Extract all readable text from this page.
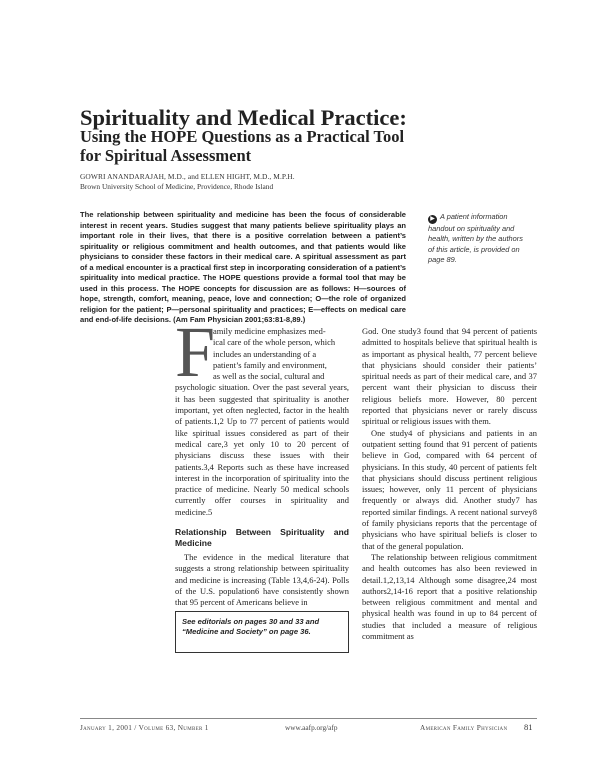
Spirituality and Medical Practice:
Using the HOPE Questions as a Practical Tool
for Spiritual Assessment
GOWRI ANANDARAJAH, M.D., and ELLEN HIGHT, M.D., M.P.H.
Brown University School of Medicine, Providence, Rhode Island
The relationship between spirituality and medicine has been the focus of considerable interest in recent years. Studies suggest that many patients believe spirituality plays an important role in their lives, that there is a positive correlation between a patient’s spirituality or religious commitment and health outcomes, and that patients would like physicians to consider these factors in their medical care. A spiritual assessment as part of a medical encounter is a practical first step in incorporating consideration of a patient’s spirituality into medical practice. The HOPE questions provide a formal tool that may be used in this process. The HOPE concepts for discussion are as follows: H—sources of hope, strength, comfort, meaning, peace, love and connection; O—the role of organized religion for the patient; P—personal spirituality and practices; E—effects on medical care and end-of-life decisions. (Am Fam Physician 2001;63:81-8,89.)
▶ A patient information handout on spirituality and health, written by the authors of this article, is provided on page 89.
F
amily medicine emphasizes med-
ical care of the whole person, which
includes an understanding of a
patient’s family and environment,
as well as the social, cultural and

psychologic situation. Over the past several years, it has been suggested that spirituality is another important, yet often neglected, factor in the health of patients.1,2 Up to 77 percent of patients would like spiritual issues considered as part of their medical care,3 yet only 10 to 20 percent of physicians discuss these issues with their patients.3,4 Reports such as these have increased interest in the incorporation of spirituality into the practice of medicine. Nearly 50 medical schools currently offer courses in spirituality and medicine.5

Relationship Between Spirituality and Medicine

The evidence in the medical literature that suggests a strong relationship between spirituality and medicine is increasing (Table 13,4,6-24). Polls of the U.S. population6 have consistently shown that 95 percent of Americans believe in

See editorials on pages 30 and 33 and “Medicine and Society” on page 36.

God. One study3 found that 94 percent of patients admitted to hospitals believe that spiritual health is as important as physical health, 77 percent believe that physicians should consider their patients’ spiritual needs as part of their medical care, and 37 percent want their physician to discuss their religious beliefs more. However, 80 percent reported that physicians never or rarely discuss spiritual or religious issues with them.

One study4 of physicians and patients in an outpatient setting found that 91 percent of patients believe in God, compared with 64 percent of physicians. In this study, 40 percent of patients felt that physicians should discuss pertinent religious issues; however, only 11 percent of physicians frequently or always did. Another study7 has reported similar findings. A recent national survey8 of family physicians reports that the percentage of physicians who have spiritual beliefs is closer to that of the general population.

The relationship between religious commitment and health outcomes has also been reviewed in detail.1,2,13,14 Although some disagree,24 most authors2,14-16 report that a positive relationship between religious commitment and mental and physical health was found in up to 84 percent of studies that included a measure of religious commitment as

January 1, 2001 / Volume 63, Number 1	www.aafp.org/afp	American Family Physician 81
